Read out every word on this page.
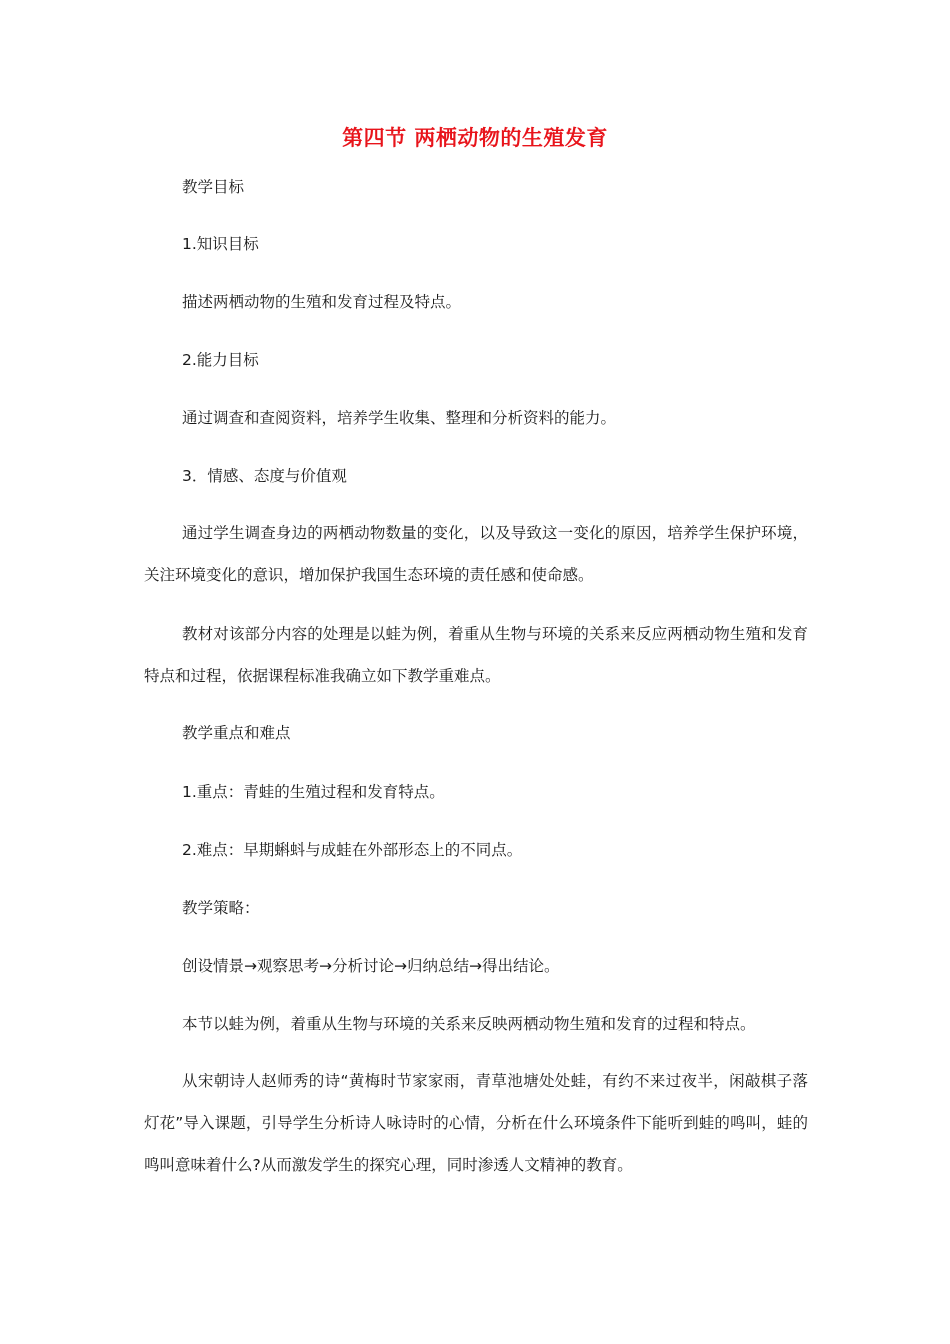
第四节 两栖动物的生殖发育
教学目标
1.知识目标
描述两栖动物的生殖和发育过程及特点。
2.能力目标
通过调查和查阅资料，培养学生收集、整理和分析资料的能力。
3．情感、态度与价值观
通过学生调查身边的两栖动物数量的变化，以及导致这一变化的原因，培养学生保护环境，关注环境变化的意识，增加保护我国生态环境的责任感和使命感。
教材对该部分内容的处理是以蛙为例，着重从生物与环境的关系来反应两栖动物生殖和发育特点和过程，依据课程标准我确立如下教学重难点。
教学重点和难点
1.重点：青蛙的生殖过程和发育特点。
2.难点：早期蝌蚪与成蛙在外部形态上的不同点。
教学策略：
创设情景→观察思考→分析讨论→归纳总结→得出结论。
本节以蛙为例，着重从生物与环境的关系来反映两栖动物生殖和发育的过程和特点。
从宋朝诗人赵师秀的诗“黄梅时节家家雨，青草池塘处处蛙，有约不来过夜半，闲敲棋子落灯花”导入课题，引导学生分析诗人咏诗时的心情，分析在什么环境条件下能听到蛙的鸣叫，蛙的鸣叫意味着什么?从而激发学生的探究心理，同时渗透人文精神的教育。
